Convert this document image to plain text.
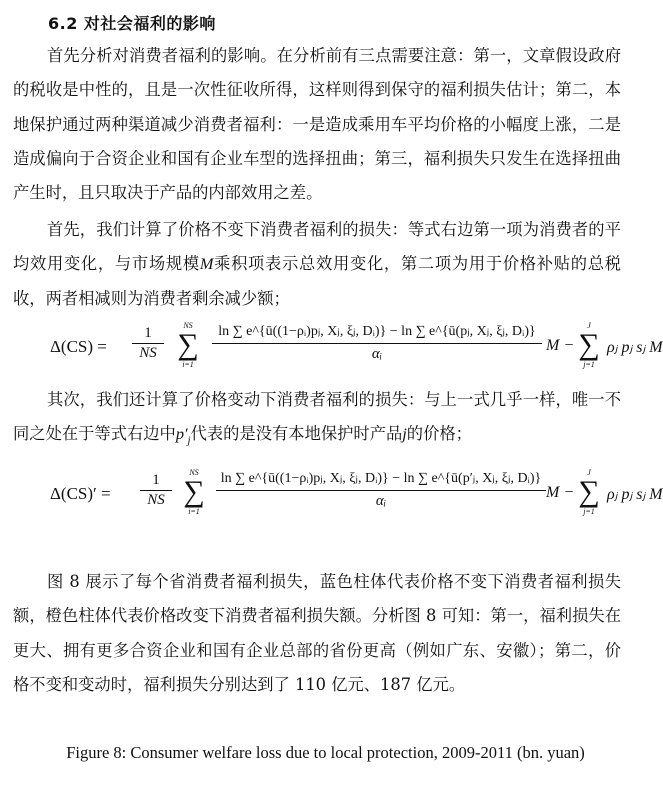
6.2 对社会福利的影响

首先分析对消费者福利的影响。在分析前有三点需要注意：第一，文章假设政府的税收是中性的，且是一次性征收所得，这样则得到保守的福利损失估计；第二，本地保护通过两种渠道减少消费者福利：一是造成乘用车平均价格的小幅度上涨，二是造成偏向于合资企业和国有企业车型的选择扭曲；第三，福利损失只发生在选择扭曲产生时，且只取决于产品的内部效用之差。

首先，我们计算了价格不变下消费者福利的损失：等式右边第一项为消费者的平均效用变化，与市场规模M乘积项表示总效用变化，第二项为用于价格补贴的总税收，两者相减则为消费者剩余减少额；

$\Delta(CS) = \frac{1}{NS}$	NS
∑
i=1
ln ∑ e^{ū((1−ρᵢ)pⱼ, Xⱼ, ξⱼ, Dᵢ)} − ln ∑ e^{ū(pⱼ, Xⱼ, ξⱼ, Dᵢ)}
αᵢ	M −
J
∑
j=1
ρⱼ pⱼ sⱼ M

其次，我们还计算了价格变动下消费者福利的损失：与上一式几乎一样，唯一不同之处在于等式右边中$p'_j$代表的是没有本地保护时产品j的价格；

$\Delta(CS)' = \frac{1}{NS}$	NS
∑
i=1
ln ∑ e^{ū((1−ρᵢ)pⱼ, Xⱼ, ξⱼ, Dᵢ)} − ln ∑ e^{ū(p′ⱼ, Xⱼ, ξⱼ, Dᵢ)}
αᵢ	M −
J
∑
j=1
ρⱼ pⱼ sⱼ M

图 8 展示了每个省消费者福利损失，蓝色柱体代表价格不变下消费者福利损失额，橙色柱体代表价格改变下消费者福利损失额。分析图 8 可知：第一，福利损失在更大、拥有更多合资企业和国有企业总部的省份更高（例如广东、安徽）；第二，价格不变和变动时，福利损失分别达到了 110 亿元、187 亿元。

Figure 8: Consumer welfare loss due to local protection, 2009-2011 (bn. yuan)
